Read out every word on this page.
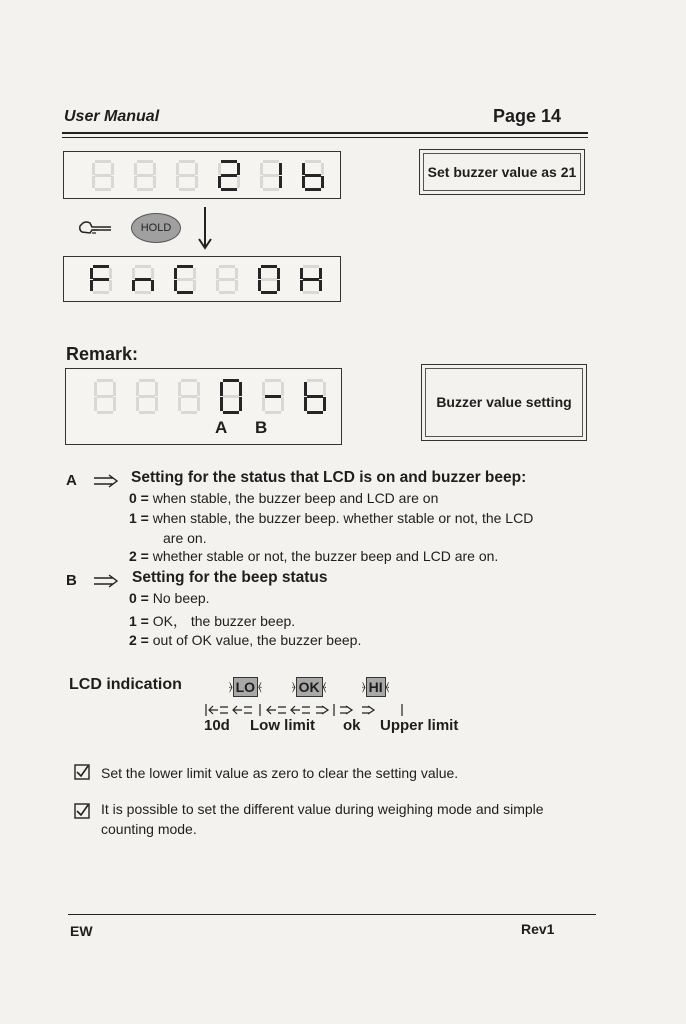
User Manual	Page 14
Set buzzer value as 21
HOLD
Remark:
A B
Buzzer value setting
A	Setting for the status that LCD is on and buzzer beep:
0 = when stable, the buzzer beep and LCD are on
1 = when stable, the buzzer beep. whether stable or not, the LCD
are on.
2 = whether stable or not, the buzzer beep and LCD are on.
B	Setting for the beep status
0 = No beep.
1 = OK， the buzzer beep.
2 = out of OK value, the buzzer beep.
LCD indication	⦒ LO ⦑	⦒ OK ⦑	⦒ HI ⦑
10d Low limit ok Upper limit
Set the lower limit value as zero to clear the setting value.
It is possible to set the different value during weighing mode and simple
counting mode.
EW	Rev1
